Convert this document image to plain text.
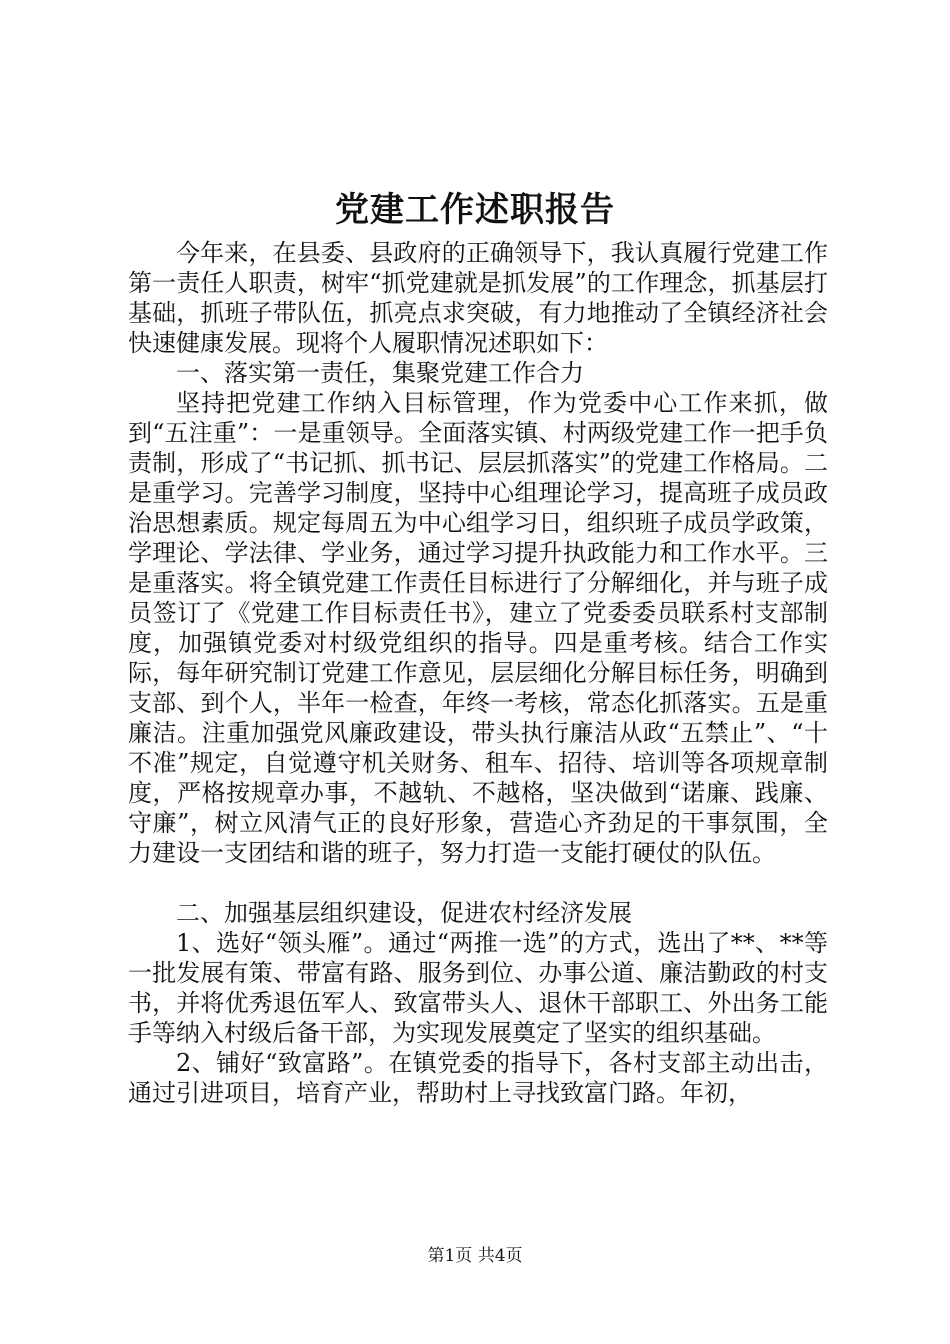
党建工作述职报告

今年来，在县委、县政府的正确领导下，我认真履行党建工作第一责任人职责，树牢“抓党建就是抓发展”的工作理念，抓基层打基础，抓班子带队伍，抓亮点求突破，有力地推动了全镇经济社会快速健康发展。现将个人履职情况述职如下：

一、落实第一责任，集聚党建工作合力

坚持把党建工作纳入目标管理，作为党委中心工作来抓，做到“五注重”：一是重领导。全面落实镇、村两级党建工作一把手负责制，形成了“书记抓、抓书记、层层抓落实”的党建工作格局。二是重学习。完善学习制度，坚持中心组理论学习，提高班子成员政治思想素质。规定每周五为中心组学习日，组织班子成员学政策，学理论、学法律、学业务，通过学习提升执政能力和工作水平。三是重落实。将全镇党建工作责任目标进行了分解细化，并与班子成员签订了《党建工作目标责任书》，建立了党委委员联系村支部制度，加强镇党委对村级党组织的指导。四是重考核。结合工作实际，每年研究制订党建工作意见，层层细化分解目标任务，明确到支部、到个人，半年一检查，年终一考核，常态化抓落实。五是重廉洁。注重加强党风廉政建设，带头执行廉洁从政“五禁止”、“十不准”规定，自觉遵守机关财务、租车、招待、培训等各项规章制度，严格按规章办事，不越轨、不越格，坚决做到“诺廉、践廉、守廉”，树立风清气正的良好形象，营造心齐劲足的干事氛围，全力建设一支团结和谐的班子，努力打造一支能打硬仗的队伍。

二、加强基层组织建设，促进农村经济发展

1、选好“领头雁”。通过“两推一选”的方式，选出了**、**等一批发展有策、带富有路、服务到位、办事公道、廉洁勤政的村支书，并将优秀退伍军人、致富带头人、退休干部职工、外出务工能手等纳入村级后备干部，为实现发展奠定了坚实的组织基础。

2、铺好“致富路”。在镇党委的指导下，各村支部主动出击，通过引进项目，培育产业，帮助村上寻找致富门路。年初，

第1页 共4页
